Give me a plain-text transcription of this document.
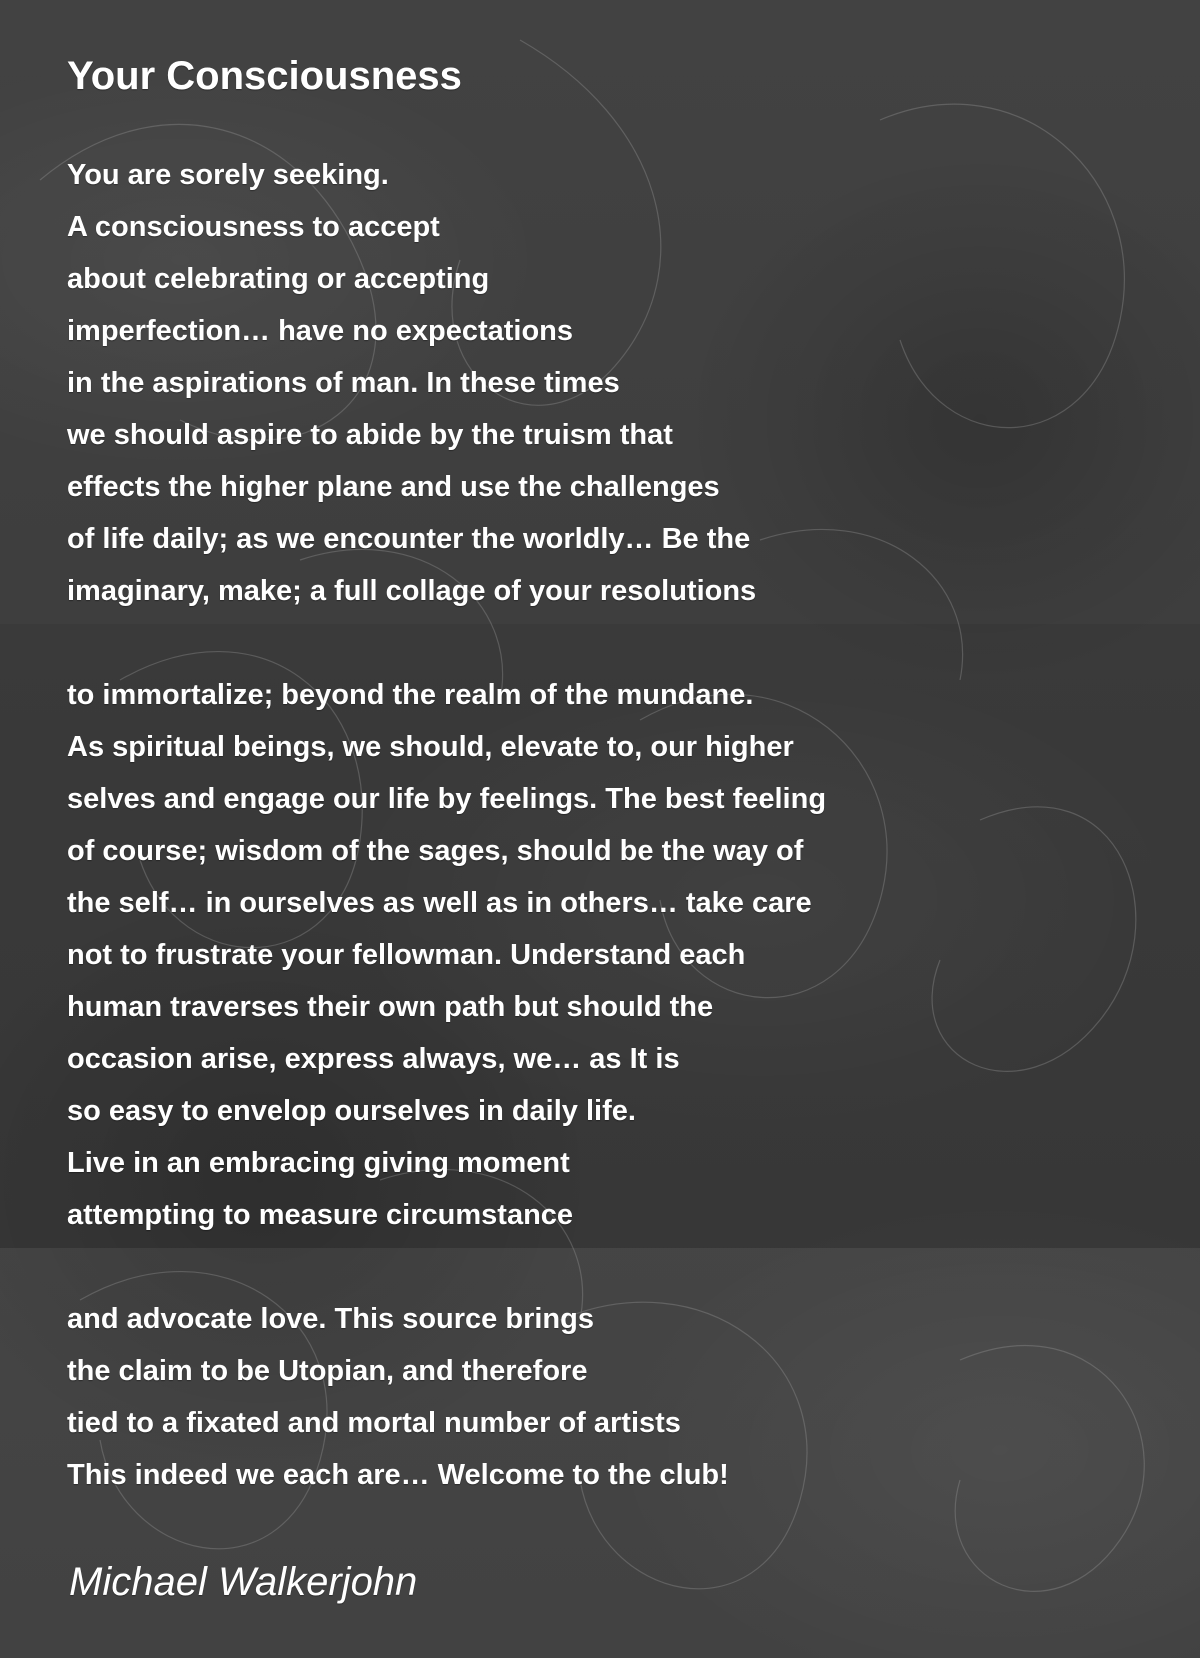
Your Consciousness
You are sorely seeking.
A consciousness to accept
about celebrating or accepting
imperfection… have no expectations
in the aspirations of man. In these times
we should aspire to abide by the truism that
effects the higher plane and use the challenges
of life daily; as we encounter the worldly… Be the
imaginary, make; a full collage of your resolutions
to immortalize; beyond the realm of the mundane.
As spiritual beings, we should, elevate to, our higher
selves and engage our life by feelings. The best feeling
of course; wisdom of the sages, should be the way of
the self… in ourselves as well as in others… take care
not to frustrate your fellowman. Understand each
human traverses their own path but should the
occasion arise, express always, we… as It is
so easy to envelop ourselves in daily life.
Live in an embracing giving moment
attempting to measure circumstance
and advocate love. This source brings
the claim to be Utopian, and therefore
tied to a fixated and mortal number of artists
This indeed we each are… Welcome to the club!
Michael Walkerjohn
